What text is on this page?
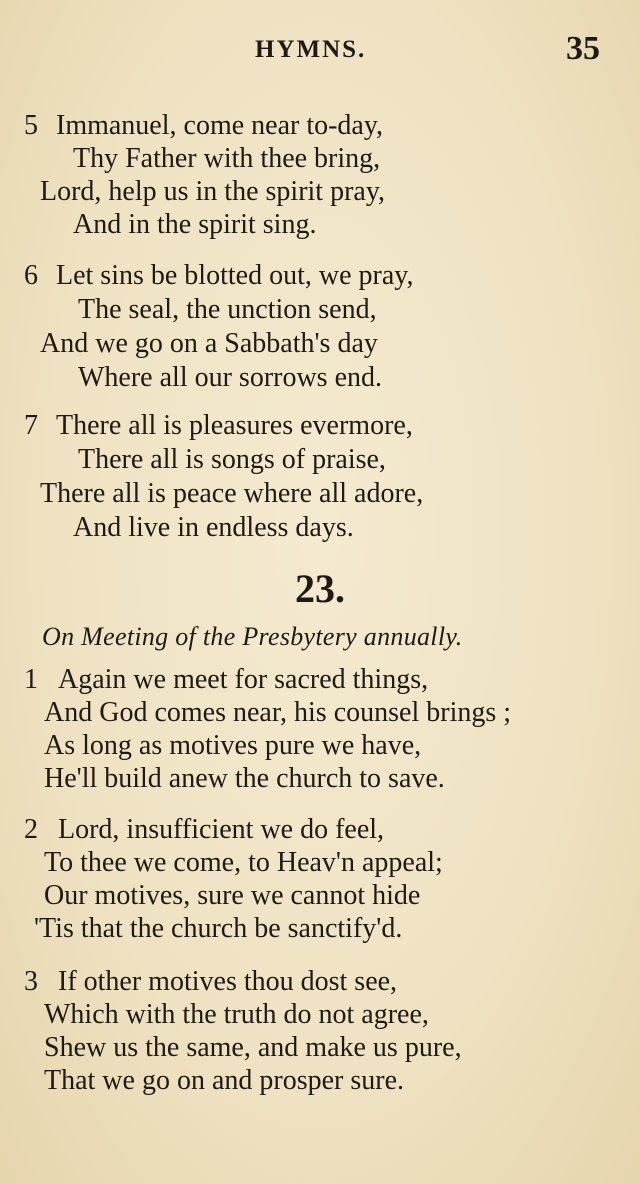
HYMNS.	35
5 Immanuel, come near to-day,
Thy Father with thee bring,
Lord, help us in the spirit pray,
And in the spirit sing.
6 Let sins be blotted out, we pray,
The seal, the unction send,
And we go on a Sabbath's day
Where all our sorrows end.
7 There all is pleasures evermore,
There all is songs of praise,
There all is peace where all adore,
And live in endless days.
23.
On Meeting of the Presbytery annually.
1 Again we meet for sacred things,
And God comes near, his counsel brings ;
As long as motives pure we have,
He'll build anew the church to save.
2 Lord, insufficient we do feel,
To thee we come, to Heav'n appeal;
Our motives, sure we cannot hide
'Tis that the church be sanctify'd.
3 If other motives thou dost see,
Which with the truth do not agree,
Shew us the same, and make us pure,
That we go on and prosper sure.
